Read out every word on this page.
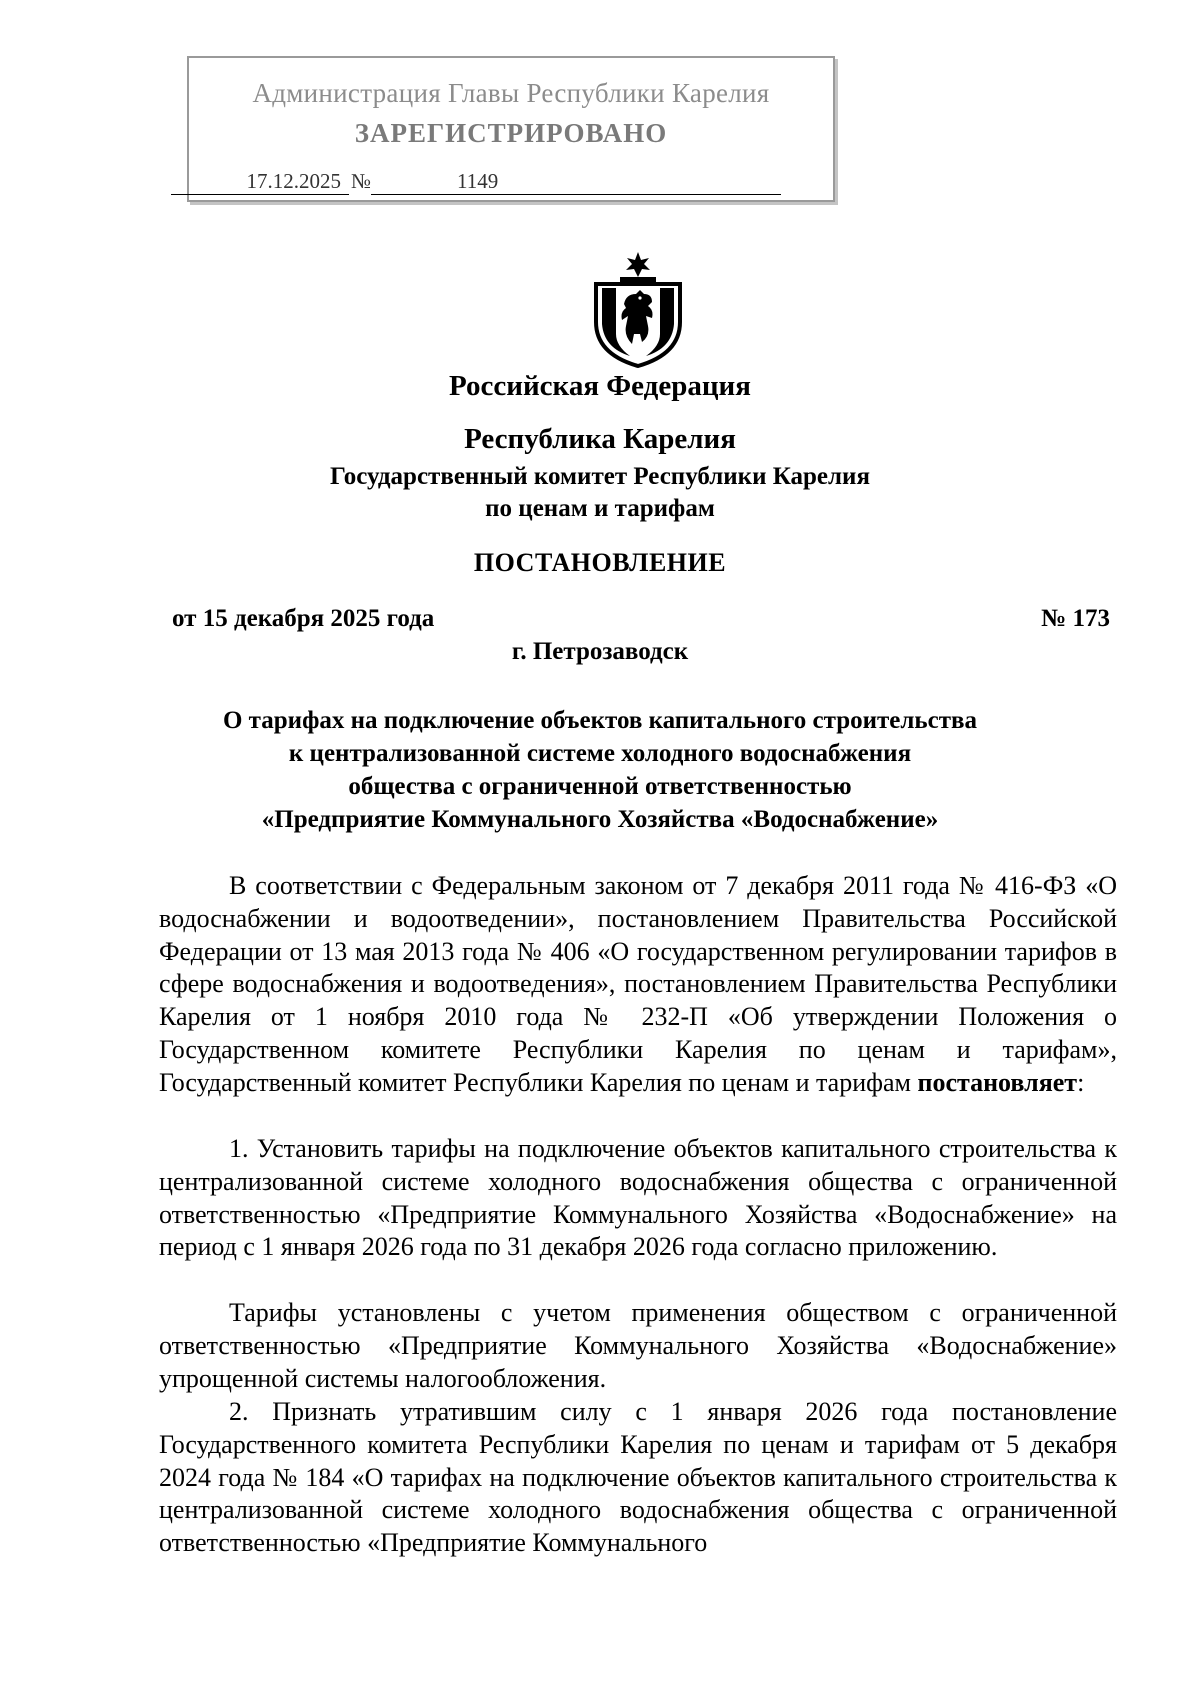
Администрация Главы Республики Карелия
ЗАРЕГИСТРИРОВАНО
17.12.2025 №	1149
Российская Федерация
Республика Карелия
Государственный комитет Республики Карелия
по ценам и тарифам
ПОСТАНОВЛЕНИЕ
от 15 декабря 2025 года	№ 173
г. Петрозаводск
О тарифах на подключение объектов капитального строительства
к централизованной системе холодного водоснабжения
общества с ограниченной ответственностью
«Предприятие Коммунального Хозяйства «Водоснабжение»

В соответствии с Федеральным законом от 7 декабря 2011 года № 416-ФЗ «О водоснабжении и водоотведении», постановлением Правительства Российской Федерации от 13 мая 2013 года № 406 «О государственном регулировании тарифов в сфере водоснабжения и водоотведения», постановлением Правительства Республики Карелия от 1 ноября 2010 года № 232-П «Об утверждении Положения о Государственном комитете Республики Карелия по ценам и тарифам», Государственный комитет Республики Карелия по ценам и тарифам постановляет:

1. Установить тарифы на подключение объектов капитального строительства к централизованной системе холодного водоснабжения общества с ограниченной ответственностью «Предприятие Коммунального Хозяйства «Водоснабжение» на период с 1 января 2026 года по 31 декабря 2026 года согласно приложению.

Тарифы установлены с учетом применения обществом с ограниченной ответственностью «Предприятие Коммунального Хозяйства «Водоснабжение» упрощенной системы налогообложения.

2. Признать утратившим силу с 1 января 2026 года постановление Государственного комитета Республики Карелия по ценам и тарифам от 5 декабря 2024 года № 184 «О тарифах на подключение объектов капитального строительства к централизованной системе холодного водоснабжения общества с ограниченной ответственностью «Предприятие Коммунального
